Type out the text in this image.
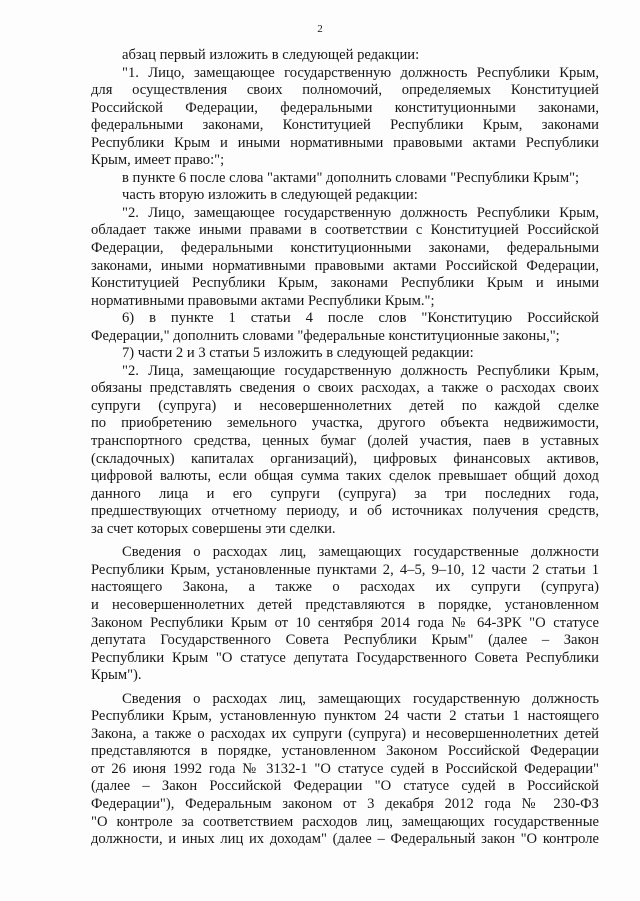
2
абзац первый изложить в следующей редакции:
"1. Лицо, замещающее государственную должность Республики Крым,
для осуществления своих полномочий, определяемых Конституцией
Российской Федерации, федеральными конституционными законами,
федеральными законами, Конституцией Республики Крым, законами
Республики Крым и иными нормативными правовыми актами Республики
Крым, имеет право:";
в пункте 6 после слова "актами" дополнить словами "Республики Крым";
часть вторую изложить в следующей редакции:
"2. Лицо, замещающее государственную должность Республики Крым,
обладает также иными правами в соответствии с Конституцией Российской
Федерации, федеральными конституционными законами, федеральными
законами, иными нормативными правовыми актами Российской Федерации,
Конституцией Республики Крым, законами Республики Крым и иными
нормативными правовыми актами Республики Крым.";
6) в пункте 1 статьи 4 после слов "Конституцию Российской
Федерации," дополнить словами "федеральные конституционные законы,";
7) части 2 и 3 статьи 5 изложить в следующей редакции:
"2. Лица, замещающие государственную должность Республики Крым,
обязаны представлять сведения о своих расходах, а также о расходах своих
супруги (супруга) и несовершеннолетних детей по каждой сделке
по приобретению земельного участка, другого объекта недвижимости,
транспортного средства, ценных бумаг (долей участия, паев в уставных
(складочных) капиталах организаций), цифровых финансовых активов,
цифровой валюты, если общая сумма таких сделок превышает общий доход
данного лица и его супруги (супруга) за три последних года,
предшествующих отчетному периоду, и об источниках получения средств,
за счет которых совершены эти сделки.
Сведения о расходах лиц, замещающих государственные должности
Республики Крым, установленные пунктами 2, 4–5, 9–10, 12 части 2 статьи 1
настоящего Закона, а также о расходах их супруги (супруга)
и несовершеннолетних детей представляются в порядке, установленном
Законом Республики Крым от 10 сентября 2014 года № 64-ЗРК "О статусе
депутата Государственного Совета Республики Крым" (далее – Закон
Республики Крым "О статусе депутата Государственного Совета Республики
Крым").
Сведения о расходах лиц, замещающих государственную должность
Республики Крым, установленную пунктом 24 части 2 статьи 1 настоящего
Закона, а также о расходах их супруги (супруга) и несовершеннолетних детей
представляются в порядке, установленном Законом Российской Федерации
от 26 июня 1992 года № 3132-1 "О статусе судей в Российской Федерации"
(далее – Закон Российской Федерации "О статусе судей в Российской
Федерации"), Федеральным законом от 3 декабря 2012 года № 230-ФЗ
"О контроле за соответствием расходов лиц, замещающих государственные
должности, и иных лиц их доходам" (далее – Федеральный закон "О контроле
